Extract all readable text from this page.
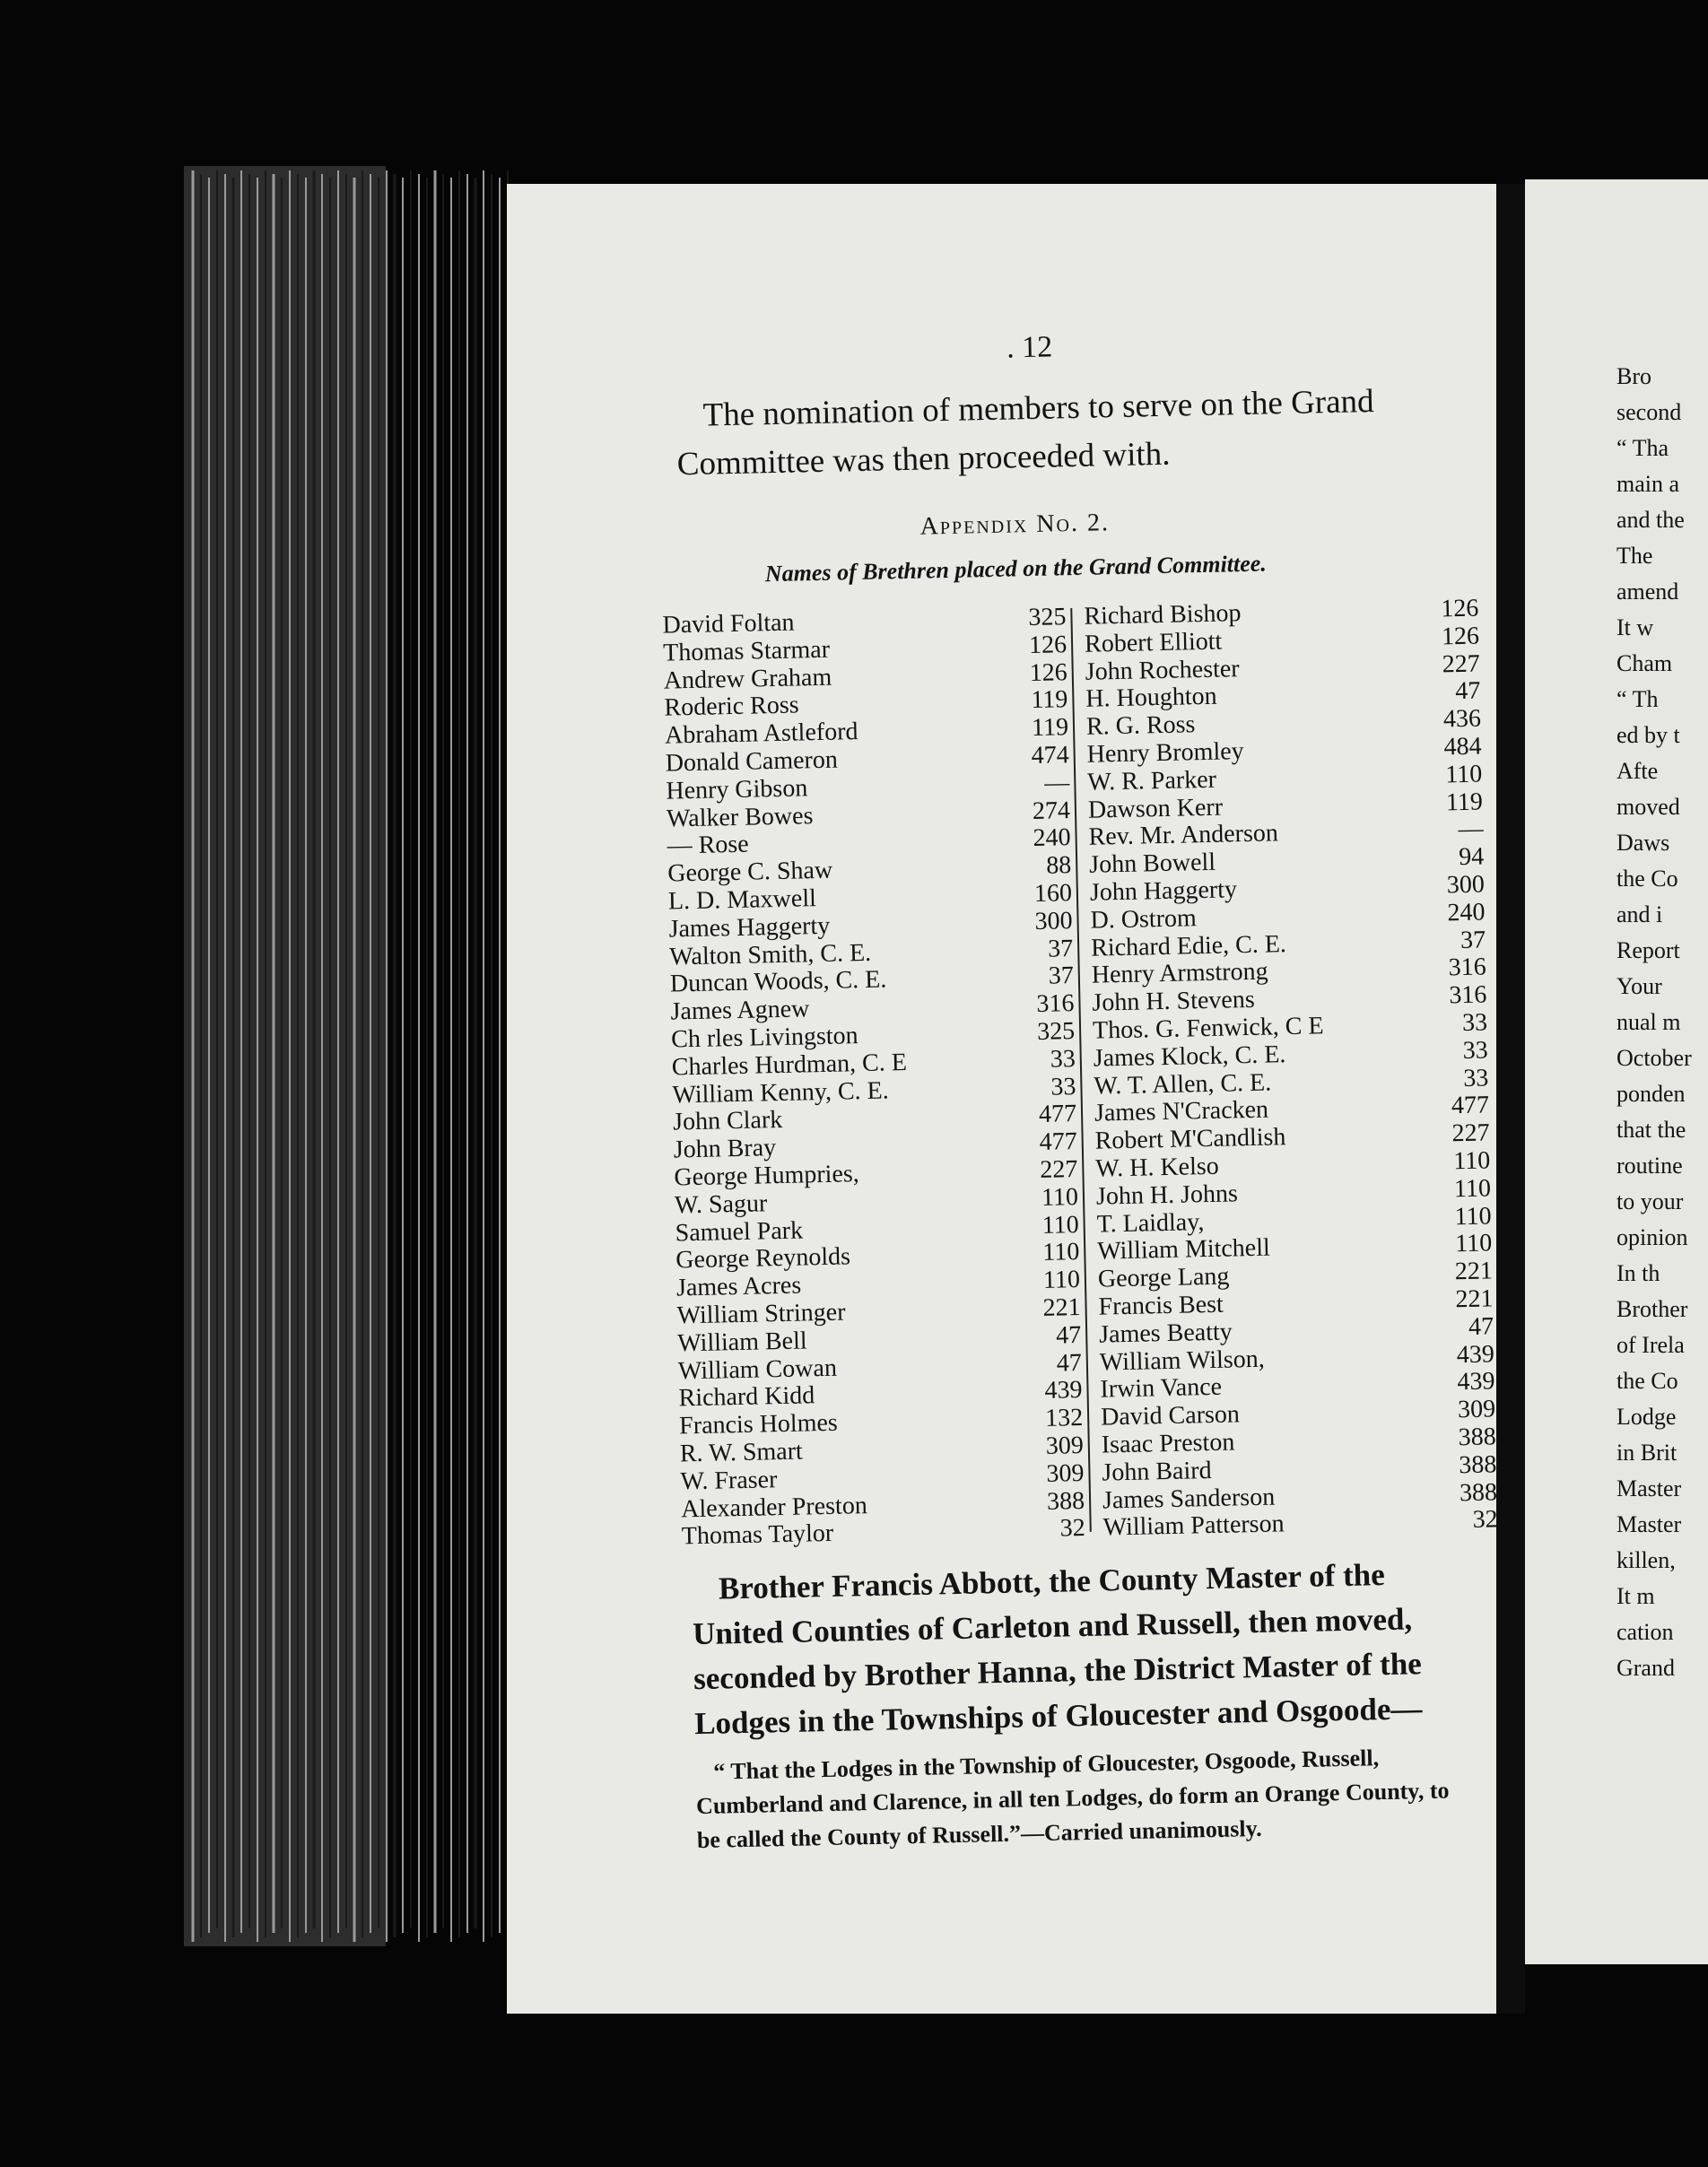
. 12
The nomination of members to serve on the Grand Committee was then proceeded with.
Appendix No. 2.
Names of Brethren placed on the Grand Committee.
David Foltan	325
Thomas Starmar	126
Andrew Graham	126
Roderic Ross	119
Abraham Astleford	119
Donald Cameron	474
Henry Gibson	—
Walker Bowes	274
— Rose	240
George C. Shaw	88
L. D. Maxwell	160
James Haggerty	300
Walton Smith, C. E.	37
Duncan Woods, C. E.	37
James Agnew	316
Ch rles Livingston	325
Charles Hurdman, C. E	33
William Kenny, C. E.	33
John Clark	477
John Bray	477
George Humpries,	227
W. Sagur	110
Samuel Park	110
George Reynolds	110
James Acres	110
William Stringer	221
William Bell	47
William Cowan	47
Richard Kidd	439
Francis Holmes	132
R. W. Smart	309
W. Fraser	309
Alexander Preston	388
Thomas Taylor	32
Richard Bishop	126
Robert Elliott	126
John Rochester	227
H. Houghton	47
R. G. Ross	436
Henry Bromley	484
W. R. Parker	110
Dawson Kerr	119
Rev. Mr. Anderson	—
John Bowell	94
John Haggerty	300
D. Ostrom	240
Richard Edie, C. E.	37
Henry Armstrong	316
John H. Stevens	316
Thos. G. Fenwick, C E	33
James Klock, C. E.	33
W. T. Allen, C. E.	33
James N'Cracken	477
Robert M'Candlish	227
W. H. Kelso	110
John H. Johns	110
T. Laidlay,	110
William Mitchell	110
George Lang	221
Francis Best	221
James Beatty	47
William Wilson,	439
Irwin Vance	439
David Carson	309
Isaac Preston	388
John Baird	388
James Sanderson	388
William Patterson	32
Brother Francis Abbott, the County Master of the United Counties of Carleton and Russell, then moved, seconded by Brother Hanna, the District Master of the Lodges in the Townships of Gloucester and Osgoode—
“ That the Lodges in the Township of Gloucester, Osgoode, Russell, Cumberland and Clarence, in all ten Lodges, do form an Orange County, to be called the County of Russell.”—Carried unanimously.
Bro
second
“ Tha
main a
and the
The
amend
It w
Cham
“ Th
ed by t
Afte
moved
Daws
the Co
and i
Report
Your
nual m
October
ponden
that the
routine
to your
opinion
In th
Brother
of Irela
the Co
Lodge
in Brit
Master
Master
killen,
It m
cation
Grand
